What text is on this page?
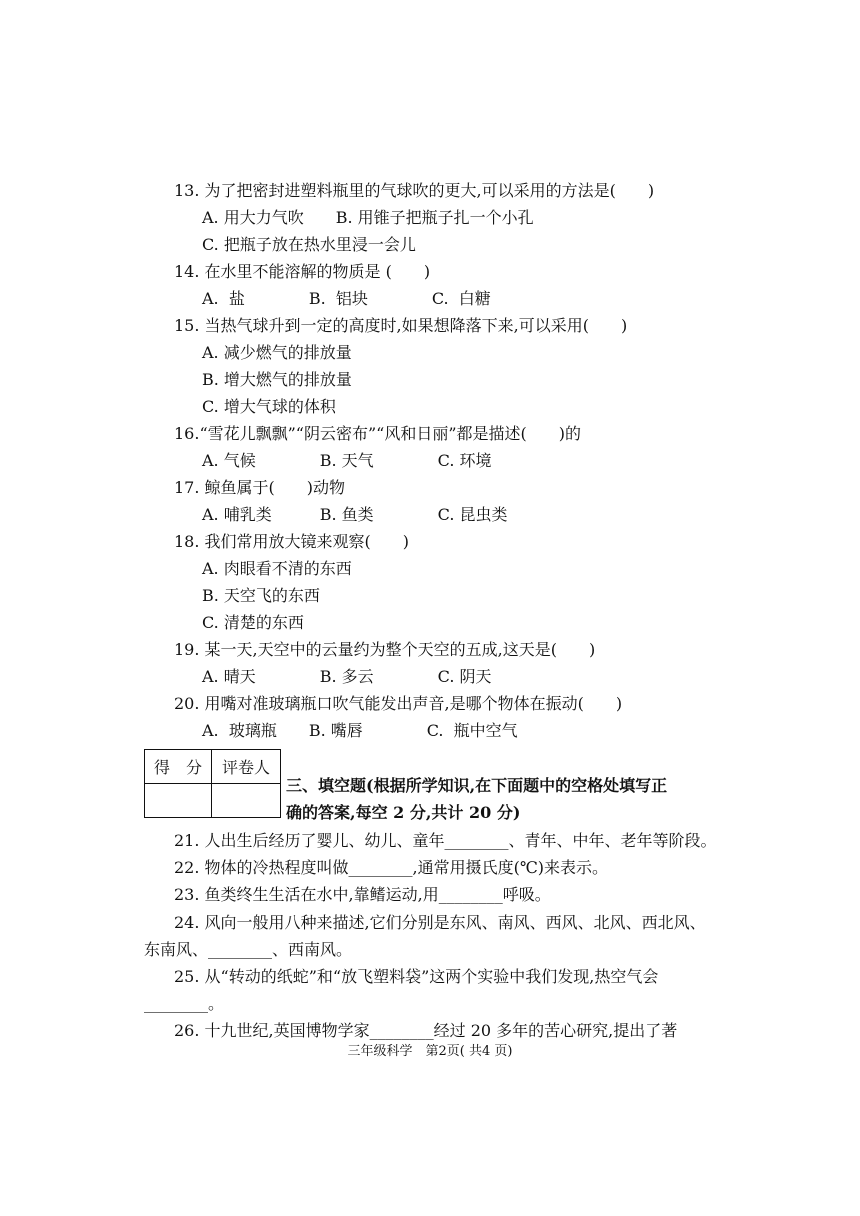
13. 为了把密封进塑料瓶里的气球吹的更大,可以采用的方法是(　　)
A. 用大力气吹　　B. 用锥子把瓶子扎一个小孔
C. 把瓶子放在热水里浸一会儿
14. 在水里不能溶解的物质是 (　　)
A.  盐　　　　B.  铝块　　　　C.  白糖
15. 当热气球升到一定的高度时,如果想降落下来,可以采用(　　)
A. 减少燃气的排放量
B. 增大燃气的排放量
C. 增大气球的体积
16.“雪花儿飘飘”“阴云密布”“风和日丽”都是描述(　　)的
A. 气候　　　　B. 天气　　　　C. 环境
17. 鲸鱼属于(　　)动物
A. 哺乳类　　　B. 鱼类　　　　C. 昆虫类
18. 我们常用放大镜来观察(　　)
A. 肉眼看不清的东西
B. 天空飞的东西
C. 清楚的东西
19. 某一天,天空中的云量约为整个天空的五成,这天是(　　)
A. 晴天　　　　B. 多云　　　　C. 阴天
20. 用嘴对准玻璃瓶口吹气能发出声音,是哪个物体在振动(　　)
A.  玻璃瓶　　B. 嘴唇　　　　C.  瓶中空气
得　分	评卷人

三、填空题(根据所学知识,在下面题中的空格处填写正
确的答案,每空 2 分,共计 20 分)
21. 人出生后经历了婴儿、幼儿、童年________、青年、中年、老年等阶段。
22. 物体的冷热程度叫做________,通常用摄氏度(℃)来表示。
23. 鱼类终生生活在水中,靠鳍运动,用________呼吸。
24. 风向一般用八种来描述,它们分别是东风、南风、西风、北风、西北风、
东南风、________、西南风。
25. 从“转动的纸蛇”和“放飞塑料袋”这两个实验中我们发现,热空气会
________。
26. 十九世纪,英国博物学家________经过 20 多年的苦心研究,提出了著
三年级科学　第2页( 共4 页)
